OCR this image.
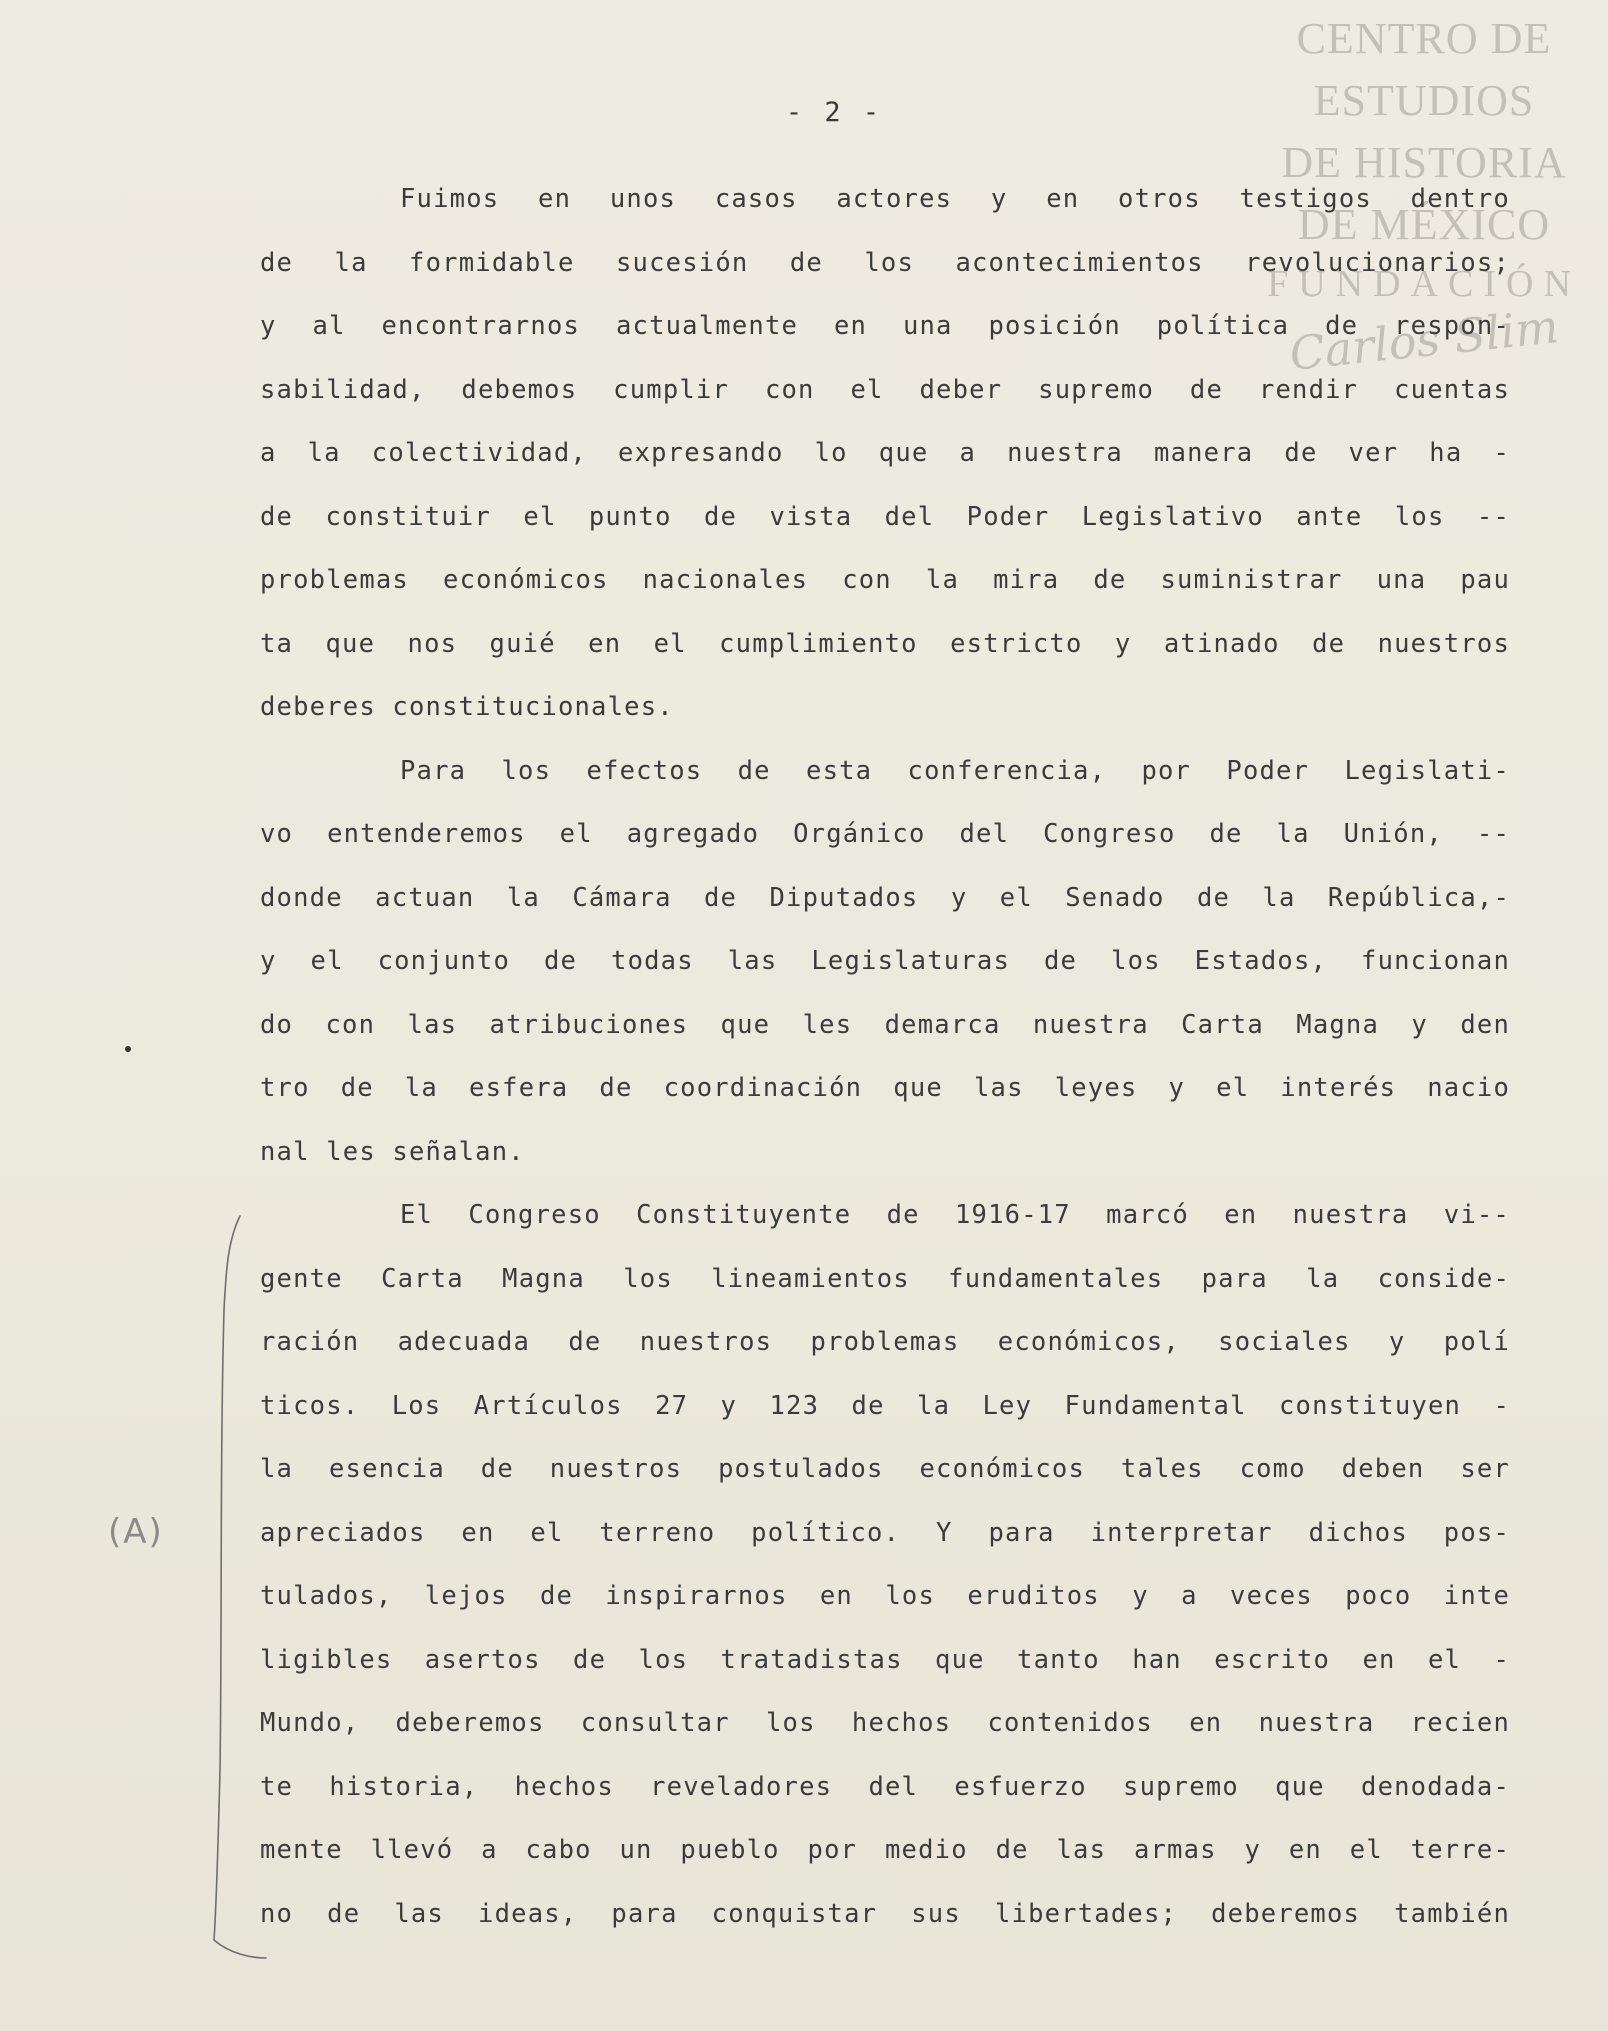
CENTRO DE
ESTUDIOS
DE HISTORIA
DE MÉXICO
FUNDACIÓN
Carlos Slim
- 2 -

Fuimos en unos casos actores y en otros testigos dentro
de la formidable sucesión de los acontecimientos revolucionarios;
y al encontrarnos actualmente en una posición política de respon-
sabilidad, debemos cumplir con el deber supremo de rendir cuentas
a la colectividad, expresando lo que a nuestra manera de ver ha -
de constituir el punto de vista del Poder Legislativo ante los --
problemas económicos nacionales con la mira de suministrar una pau
ta que nos guié en el cumplimiento estricto y atinado de nuestros
deberes constitucionales.

Para los efectos de esta conferencia, por Poder Legislati-
vo entenderemos el agregado Orgánico del Congreso de la Unión, --
donde actuan la Cámara de Diputados y el Senado de la República,-
y el conjunto de todas las Legislaturas de los Estados, funcionan
do con las atribuciones que les demarca nuestra Carta Magna y den
tro de la esfera de coordinación que las leyes y el interés nacio
nal les señalan.

El Congreso Constituyente de 1916-17 marcó en nuestra vi--
gente Carta Magna los lineamientos fundamentales para la conside-
ración adecuada de nuestros problemas económicos, sociales y polí
ticos. Los Artículos 27 y 123 de la Ley Fundamental constituyen -
la esencia de nuestros postulados económicos tales como deben ser
apreciados en el terreno político. Y para interpretar dichos pos-
tulados, lejos de inspirarnos en los eruditos y a veces poco inte
ligibles asertos de los tratadistas que tanto han escrito en el -
Mundo, deberemos consultar los hechos contenidos en nuestra recien
te historia, hechos reveladores del esfuerzo supremo que denodada-
mente llevó a cabo un pueblo por medio de las armas y en el terre-
no de las ideas, para conquistar sus libertades; deberemos también

(A)
